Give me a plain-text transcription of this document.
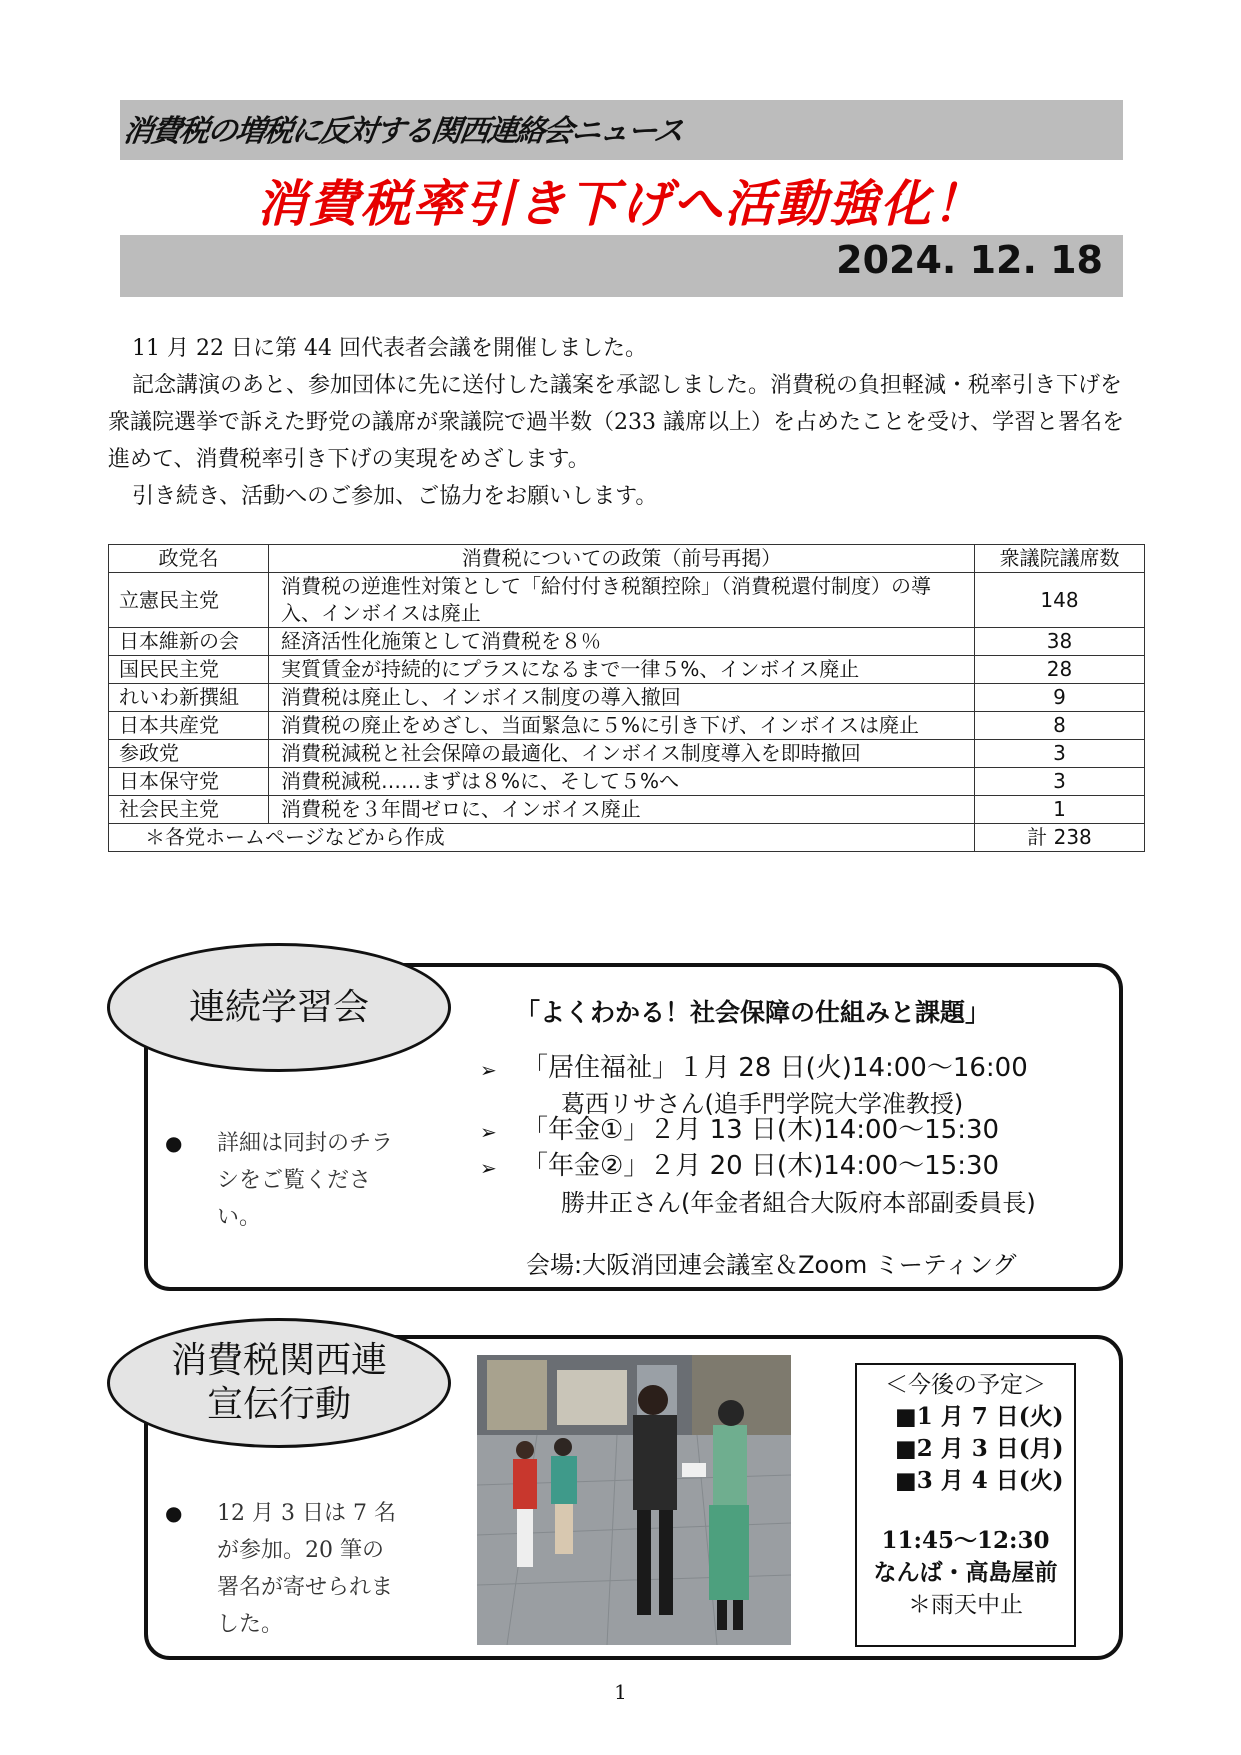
消費税の増税に反対する関西連絡会ニュース
消費税率引き下げへ活動強化！
2024. 12. 18

11 月 22 日に第 44 回代表者会議を開催しました。

記念講演のあと、参加団体に先に送付した議案を承認しました。消費税の負担軽減・税率引き下げを衆議院選挙で訴えた野党の議席が衆議院で過半数（233 議席以上）を占めたことを受け、学習と署名を進めて、消費税率引き下げの実現をめざします。

引き続き、活動へのご参加、ご協力をお願いします。

政党名	消費税についての政策（前号再掲）	衆議院議席数
立憲民主党	消費税の逆進性対策として「給付付き税額控除」（消費税還付制度）の導入、インボイスは廃止	148
日本維新の会	経済活性化施策として消費税を８％	38
国民民主党	実質賃金が持続的にプラスになるまで一律５%、インボイス廃止	28
れいわ新撰組	消費税は廃止し、インボイス制度の導入撤回	9
日本共産党	消費税の廃止をめざし、当面緊急に５%に引き下げ、インボイスは廃止	8
参政党	消費税減税と社会保障の最適化、インボイス制度導入を即時撤回	3
日本保守党	消費税減税……まずは８%に、そして５%へ	3
社会民主党	消費税を３年間ゼロに、インボイス廃止	1
＊各党ホームページなどから作成		計 238
連続学習会
● 詳細は同封のチラシをご覧ください。
「よくわかる！社会保障の仕組みと課題」
➢ 「居住福祉」１月 28 日(火)14:00～16:00
葛西リサさん(追手門学院大学准教授)
➢ 「年金①」２月 13 日(木)14:00～15:30
➢ 「年金②」２月 20 日(木)14:00～15:30
勝井正さん(年金者組合大阪府本部副委員長)
会場:大阪消団連会議室＆Zoom ミーティング
消費税関西連
宣伝行動
● 12 月 3 日は 7 名が参加。20 筆の署名が寄せられました。
＜今後の予定＞
■1 月 7 日(火)
■2 月 3 日(月)
■3 月 4 日(火)
11:45～12:30
なんば・高島屋前
＊雨天中止
1
